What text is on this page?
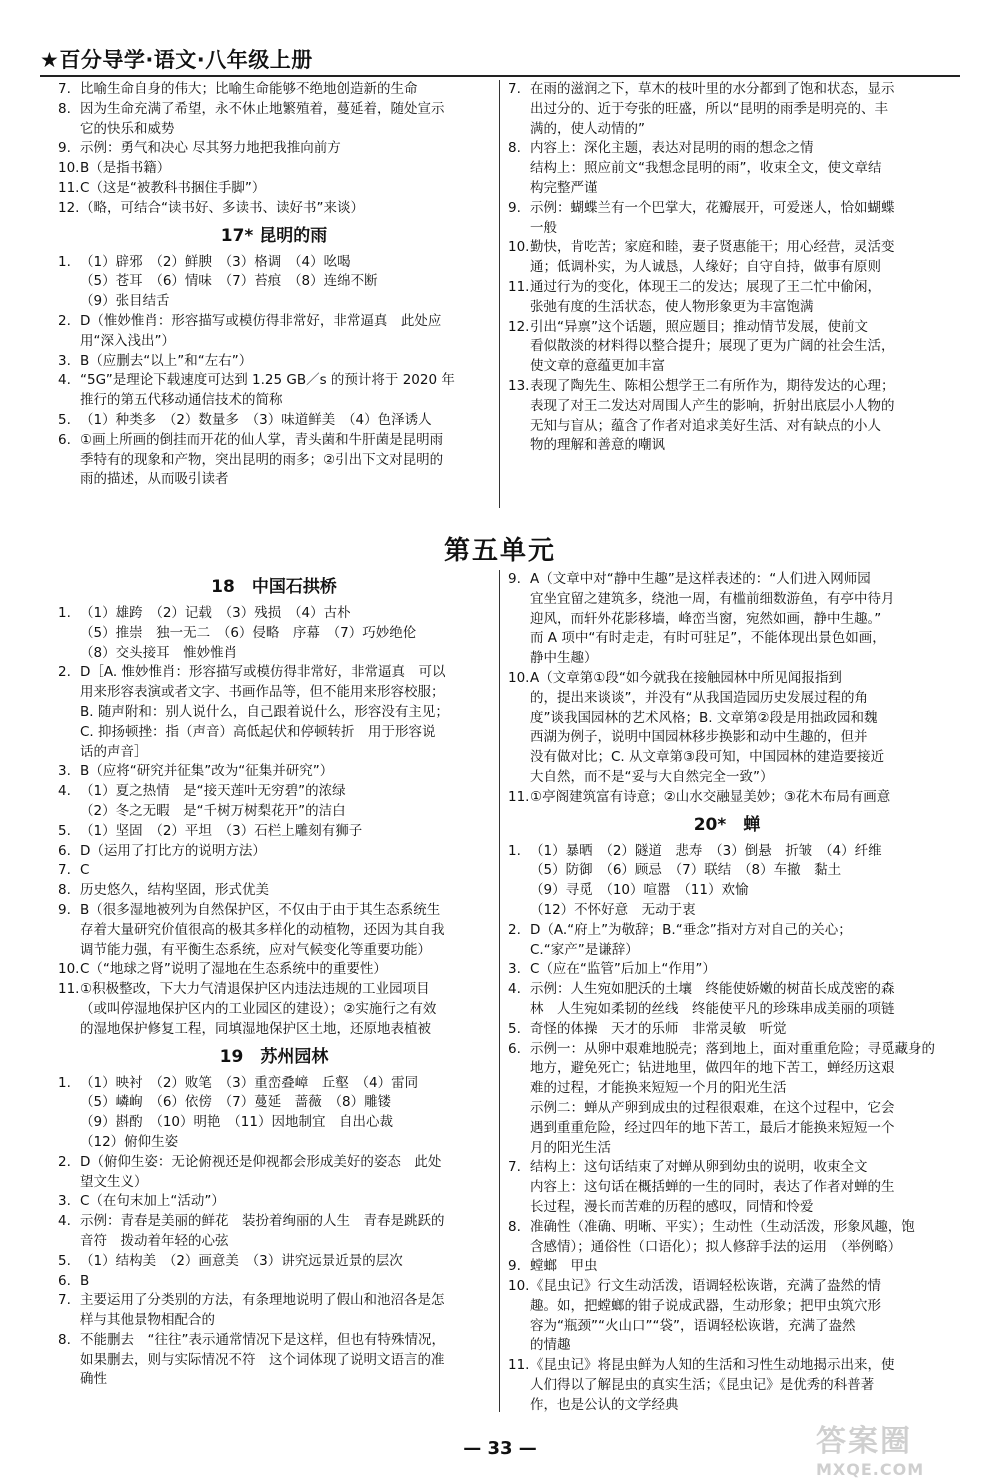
★百分导学·语文·八年级上册
7. 比喻生命自身的伟大；比喻生命能够不绝地创造新的生命
8. 因为生命充满了希望，永不休止地繁殖着，蔓延着，随处宣示
它的快乐和威势
9. 示例：勇气和决心 尽其努力地把我推向前方
10. B（是指书籍）
11. C（这是“被教科书捆住手脚”）
12. （略，可结合“读书好、多读书、读好书”来谈）
17* 昆明的雨
1. （1）辟邪　（2）鲜腴　（3）格调　（4）吆喝
（5）苍耳　（6）情味　（7）苔痕　（8）连绵不断
（9）张目结舌
2. D（惟妙惟肖：形容描写或模仿得非常好，非常逼真　此处应
用“深入浅出”）
3. B（应删去“以上”和“左右”）
4. “5G”是理论下载速度可达到 1.25 GB／s 的预计将于 2020 年
推行的第五代移动通信技术的简称
5. （1）种类多　（2）数量多　（3）味道鲜美　（4）色泽诱人
6. ①画上所画的倒挂而开花的仙人掌，青头菌和牛肝菌是昆明雨
季特有的现象和产物，突出昆明的雨多；②引出下文对昆明的
雨的描述，从而吸引读者
7. 在雨的滋润之下，草木的枝叶里的水分都到了饱和状态，显示
出过分的、近于夸张的旺盛，所以“昆明的雨季是明亮的、丰
满的，使人动情的”
8. 内容上：深化主题，表达对昆明的雨的想念之情
结构上：照应前文“我想念昆明的雨”，收束全文，使文章结
构完整严谨
9. 示例：蝴蝶兰有一个巴掌大，花瓣展开，可爱迷人，恰如蝴蝶
一般
10. 勤快，肯吃苦；家庭和睦，妻子贤惠能干；用心经营，灵活变
通；低调朴实，为人诚恳，人缘好；自守自持，做事有原则
11. 通过行为的变化，体现王二的发达；展现了王二忙中偷闲，
张弛有度的生活状态，使人物形象更为丰富饱满
12. 引出“异禀”这个话题，照应题目；推动情节发展，使前文
看似散淡的材料得以整合提升；展现了更为广阔的社会生活，
使文章的意蕴更加丰富
13. 表现了陶先生、陈相公想学王二有所作为，期待发达的心理；
表现了对王二发达对周围人产生的影响，折射出底层小人物的
无知与盲从；蕴含了作者对追求美好生活、对有缺点的小人
物的理解和善意的嘲讽
第五单元
18　中国石拱桥
1. （1）雄跨　（2）记载　（3）残损　（4）古朴
（5）推崇　独一无二　（6）侵略　序幕　（7）巧妙绝伦
（8）交头接耳　惟妙惟肖
2. D［A. 惟妙惟肖：形容描写或模仿得非常好，非常逼真　可以
用来形容表演或者文字、书画作品等，但不能用来形容校服；
B. 随声附和：别人说什么，自己跟着说什么，形容没有主见；
C. 抑扬顿挫：指（声音）高低起伏和停顿转折　用于形容说
话的声音］
3. B（应将“研究并征集”改为“征集并研究”）
4. （1）夏之热情　是“接天莲叶无穷碧”的浓绿
（2）冬之无暇　是“千树万树梨花开”的洁白
5. （1）坚固　（2）平坦　（3）石栏上雕刻有狮子
6. D（运用了打比方的说明方法）
7. C
8. 历史悠久，结构坚固，形式优美
9. B（很多湿地被列为自然保护区，不仅由于由于其生态系统生
存着大量研究价值很高的极其多样化的动植物，还因为其自我
调节能力强，有平衡生态系统，应对气候变化等重要功能）
10. C（“地球之肾”说明了湿地在生态系统中的重要性）
11. ①积极整改，下大力气清退保护区内违法违规的工业园项目
（或叫停湿地保护区内的工业园区的建设）；②实施行之有效
的湿地保护修复工程，同填湿地保护区土地，还原地表植被
19　苏州园林
1. （1）映衬　（2）败笔　（3）重峦叠嶂　丘壑　（4）雷同
（5）嶙峋　（6）依傍　（7）蔓延　蔷薇　（8）雕镂
（9）斟酌　（10）明艳　（11）因地制宜　自出心裁
（12）俯仰生姿
2. D（俯仰生姿：无论俯视还是仰视都会形成美好的姿态　此处
望文生义）
3. C（在句末加上“活动”）
4. 示例：青春是美丽的鲜花　装扮着绚丽的人生　青春是跳跃的
音符　拨动着年轻的心弦
5. （1）结构美　（2）画意美　（3）讲究远景近景的层次
6. B
7. 主要运用了分类别的方法，有条理地说明了假山和池沼各是怎
样与其他景物相配合的
8. 不能删去　“往往”表示通常情况下是这样，但也有特殊情况，
如果删去，则与实际情况不符　这个词体现了说明文语言的准
确性
9. A（文章中对“静中生趣”是这样表述的：“人们进入网师园
宜坐宜留之建筑多，绕池一周，有槛前细数游鱼，有亭中待月
迎风，而轩外花影移墙，峰峦当窗，宛然如画，静中生趣。”
而 A 项中“有时走走，有时可驻足”，不能体现出景色如画，
静中生趣）
10. A（文章第①段“如今就我在接触园林中所见闻报指到
的，提出来谈谈”，并没有“从我国造园历史发展过程的角
度”谈我国园林的艺术风格；B. 文章第②段是用拙政园和魏
西湖为例子，说明中国园林移步换影和动中生趣的，但并
没有做对比；C. 从文章第③段可知，中国园林的建造要接近
大自然，而不是“妥与大自然完全一致”）
11. ①亭阁建筑富有诗意；②山水交融显美妙；③花木布局有画意
20*　蝉
1. （1）暴晒　（2）隧道　悲寿　（3）倒悬　折皱　（4）纤维
（5）防御　（6）顾忌　（7）联结　（8）车撤　黏土
（9）寻觅　（10）喧嚣　（11）欢愉
（12）不怀好意　无动于衷
2. D（A.“府上”为敬辞；B.“垂念”指对方对自己的关心；
C.“家产”是谦辞）
3. C（应在“监管”后加上“作用”）
4. 示例：人生宛如肥沃的土壤　终能使娇嫩的树苗长成茂密的森
林　人生宛如柔韧的丝线　终能使平凡的珍珠串成美丽的项链
5. 奇怪的体操　天才的乐师　非常灵敏　听觉
6. 示例一：从卵中艰难地脱壳；落到地上，面对重重危险；寻觅藏身的
地方，避免死亡；钻进地里，做四年的地下苦工，蝉经历这艰
难的过程，才能换来短短一个月的阳光生活
示例二：蝉从产卵到成虫的过程很艰难，在这个过程中，它会
遇到重重危险，经过四年的地下苦工，最后才能换来短短一个
月的阳光生活
7. 结构上：这句话结束了对蝉从卵到幼虫的说明，收束全文
内容上：这句话在概括蝉的一生的同时，表达了作者对蝉的生
长过程，漫长而苦难的历程的感叹，同情和怜爱
8. 准确性（准确、明晰、平实）；生动性（生动活泼，形象风趣，饱
含感情）；通俗性（口语化）；拟人修辞手法的运用　（举例略）
9. 螳螂　甲虫
10. 《昆虫记》行文生动活泼，语调轻松诙谐，充满了盎然的情
趣。如，把螳螂的钳子说成武器，生动形象；把甲虫筑穴形
容为“瓶颈”“火山口”“袋”，语调轻松诙谐，充满了盎然
的情趣
11. 《昆虫记》将昆虫鲜为人知的生活和习性生动地揭示出来，使
人们得以了解昆虫的真实生活；《昆虫记》是优秀的科普著
作，也是公认的文学经典
— 33 —	答案圈
MXQE.COM
